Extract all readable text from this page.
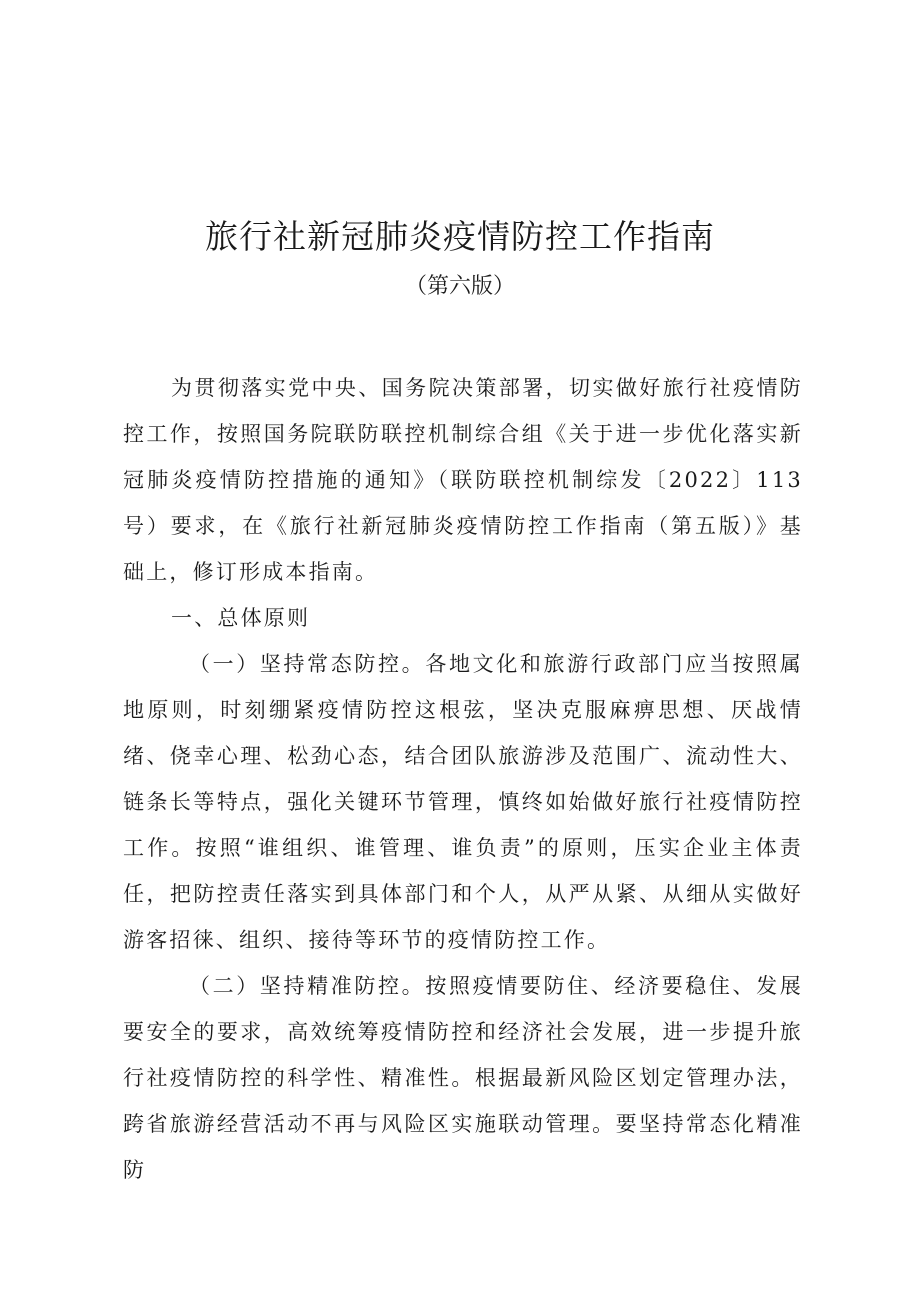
旅行社新冠肺炎疫情防控工作指南
（第六版）

为贯彻落实党中央、国务院决策部署，切实做好旅行社疫情防控工作，按照国务院联防联控机制综合组《关于进一步优化落实新冠肺炎疫情防控措施的通知》（联防联控机制综发〔2022〕113号）要求，在《旅行社新冠肺炎疫情防控工作指南（第五版）》基础上，修订形成本指南。

一、总体原则

（一）坚持常态防控。各地文化和旅游行政部门应当按照属地原则，时刻绷紧疫情防控这根弦，坚决克服麻痹思想、厌战情绪、侥幸心理、松劲心态，结合团队旅游涉及范围广、流动性大、链条长等特点，强化关键环节管理，慎终如始做好旅行社疫情防控工作。按照“谁组织、谁管理、谁负责”的原则，压实企业主体责任，把防控责任落实到具体部门和个人，从严从紧、从细从实做好游客招徕、组织、接待等环节的疫情防控工作。

（二）坚持精准防控。按照疫情要防住、经济要稳住、发展要安全的要求，高效统筹疫情防控和经济社会发展，进一步提升旅行社疫情防控的科学性、精准性。根据最新风险区划定管理办法，跨省旅游经营活动不再与风险区实施联动管理。要坚持常态化精准防
